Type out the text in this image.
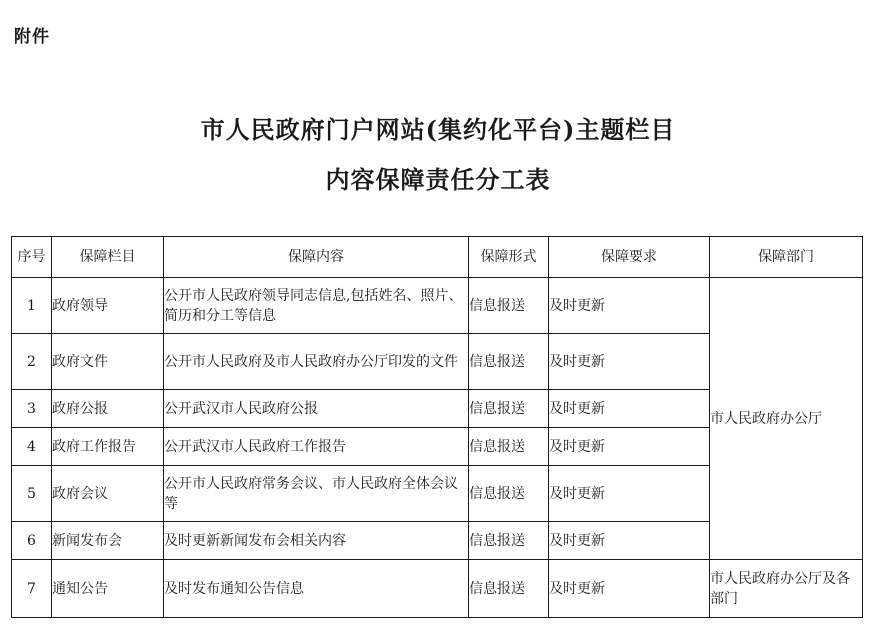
附件
市人民政府门户网站(集约化平台)主题栏目
内容保障责任分工表
序号	保障栏目	保障内容	保障形式	保障要求	保障部门
1	政府领导	公开市人民政府领导同志信息,包括姓名、照片、简历和分工等信息	信息报送	及时更新	市人民政府办公厅
2	政府文件	公开市人民政府及市人民政府办公厅印发的文件	信息报送	及时更新	
3	政府公报	公开武汉市人民政府公报	信息报送	及时更新	
4	政府工作报告	公开武汉市人民政府工作报告	信息报送	及时更新	
5	政府会议	公开市人民政府常务会议、市人民政府全体会议等	信息报送	及时更新	
6	新闻发布会	及时更新新闻发布会相关内容	信息报送	及时更新	
7	通知公告	及时发布通知公告信息	信息报送	及时更新	市人民政府办公厅及各部门
